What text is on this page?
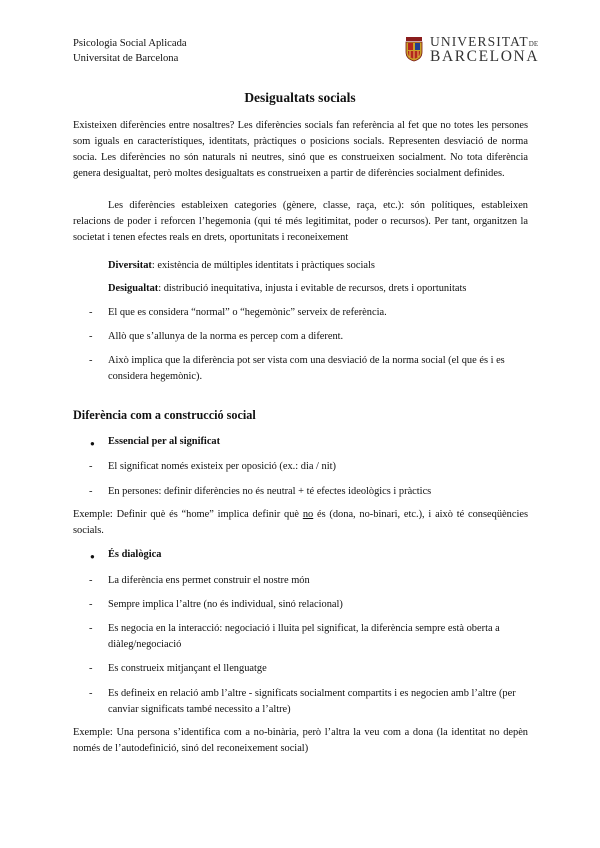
Psicologia Social Aplicada
Universitat de Barcelona
UNIVERSITATDE
BARCELONA
Desigualtats socials
Existeixen diferències entre nosaltres? Les diferències socials fan referència al fet que no totes les persones som iguals en característiques, identitats, pràctiques o posicions socials. Representen desviació de norma socia. Les diferències no són naturals ni neutres, sinó que es construeixen socialment. No tota diferència genera desigualtat, però moltes desigualtats es construeixen a partir de diferències socialment definides.
Les diferències estableixen categories (gènere, classe, raça, etc.): són polítiques, estableixen relacions de poder i reforcen l’hegemonia (qui té més legitimitat, poder o recursos). Per tant, organitzen la societat i tenen efectes reals en drets, oportunitats i reconeixement
Diversitat: existència de múltiples identitats i pràctiques socials
Desigualtat: distribució inequitativa, injusta i evitable de recursos, drets i oportunitats
- El que es considera “normal” o “hegemònic” serveix de referència.
- Allò que s’allunya de la norma es percep com a diferent.
- Això implica que la diferència pot ser vista com una desviació de la norma social (el que és i es considera hegemònic).
Diferència com a construcció social
● Essencial per al significat
- El significat només existeix per oposició (ex.: dia / nit)
- En persones: definir diferències no és neutral + té efectes ideològics i pràctics
Exemple: Definir què és “home” implica definir què no és (dona, no-binari, etc.), i això té conseqüències socials.
● És dialògica
- La diferència ens permet construir el nostre món
- Sempre implica l’altre (no és individual, sinó relacional)
- Es negocia en la interacció: negociació i lluita pel significat, la diferència sempre està oberta a diàleg/negociació
- Es construeix mitjançant el llenguatge
- Es defineix en relació amb l’altre - significats socialment compartits i es negocien amb l’altre (per canviar significats també necessito a l’altre)
Exemple: Una persona s’identifica com a no-binària, però l’altra la veu com a dona (la identitat no depèn només de l’autodefinició, sinó del reconeixement social)
